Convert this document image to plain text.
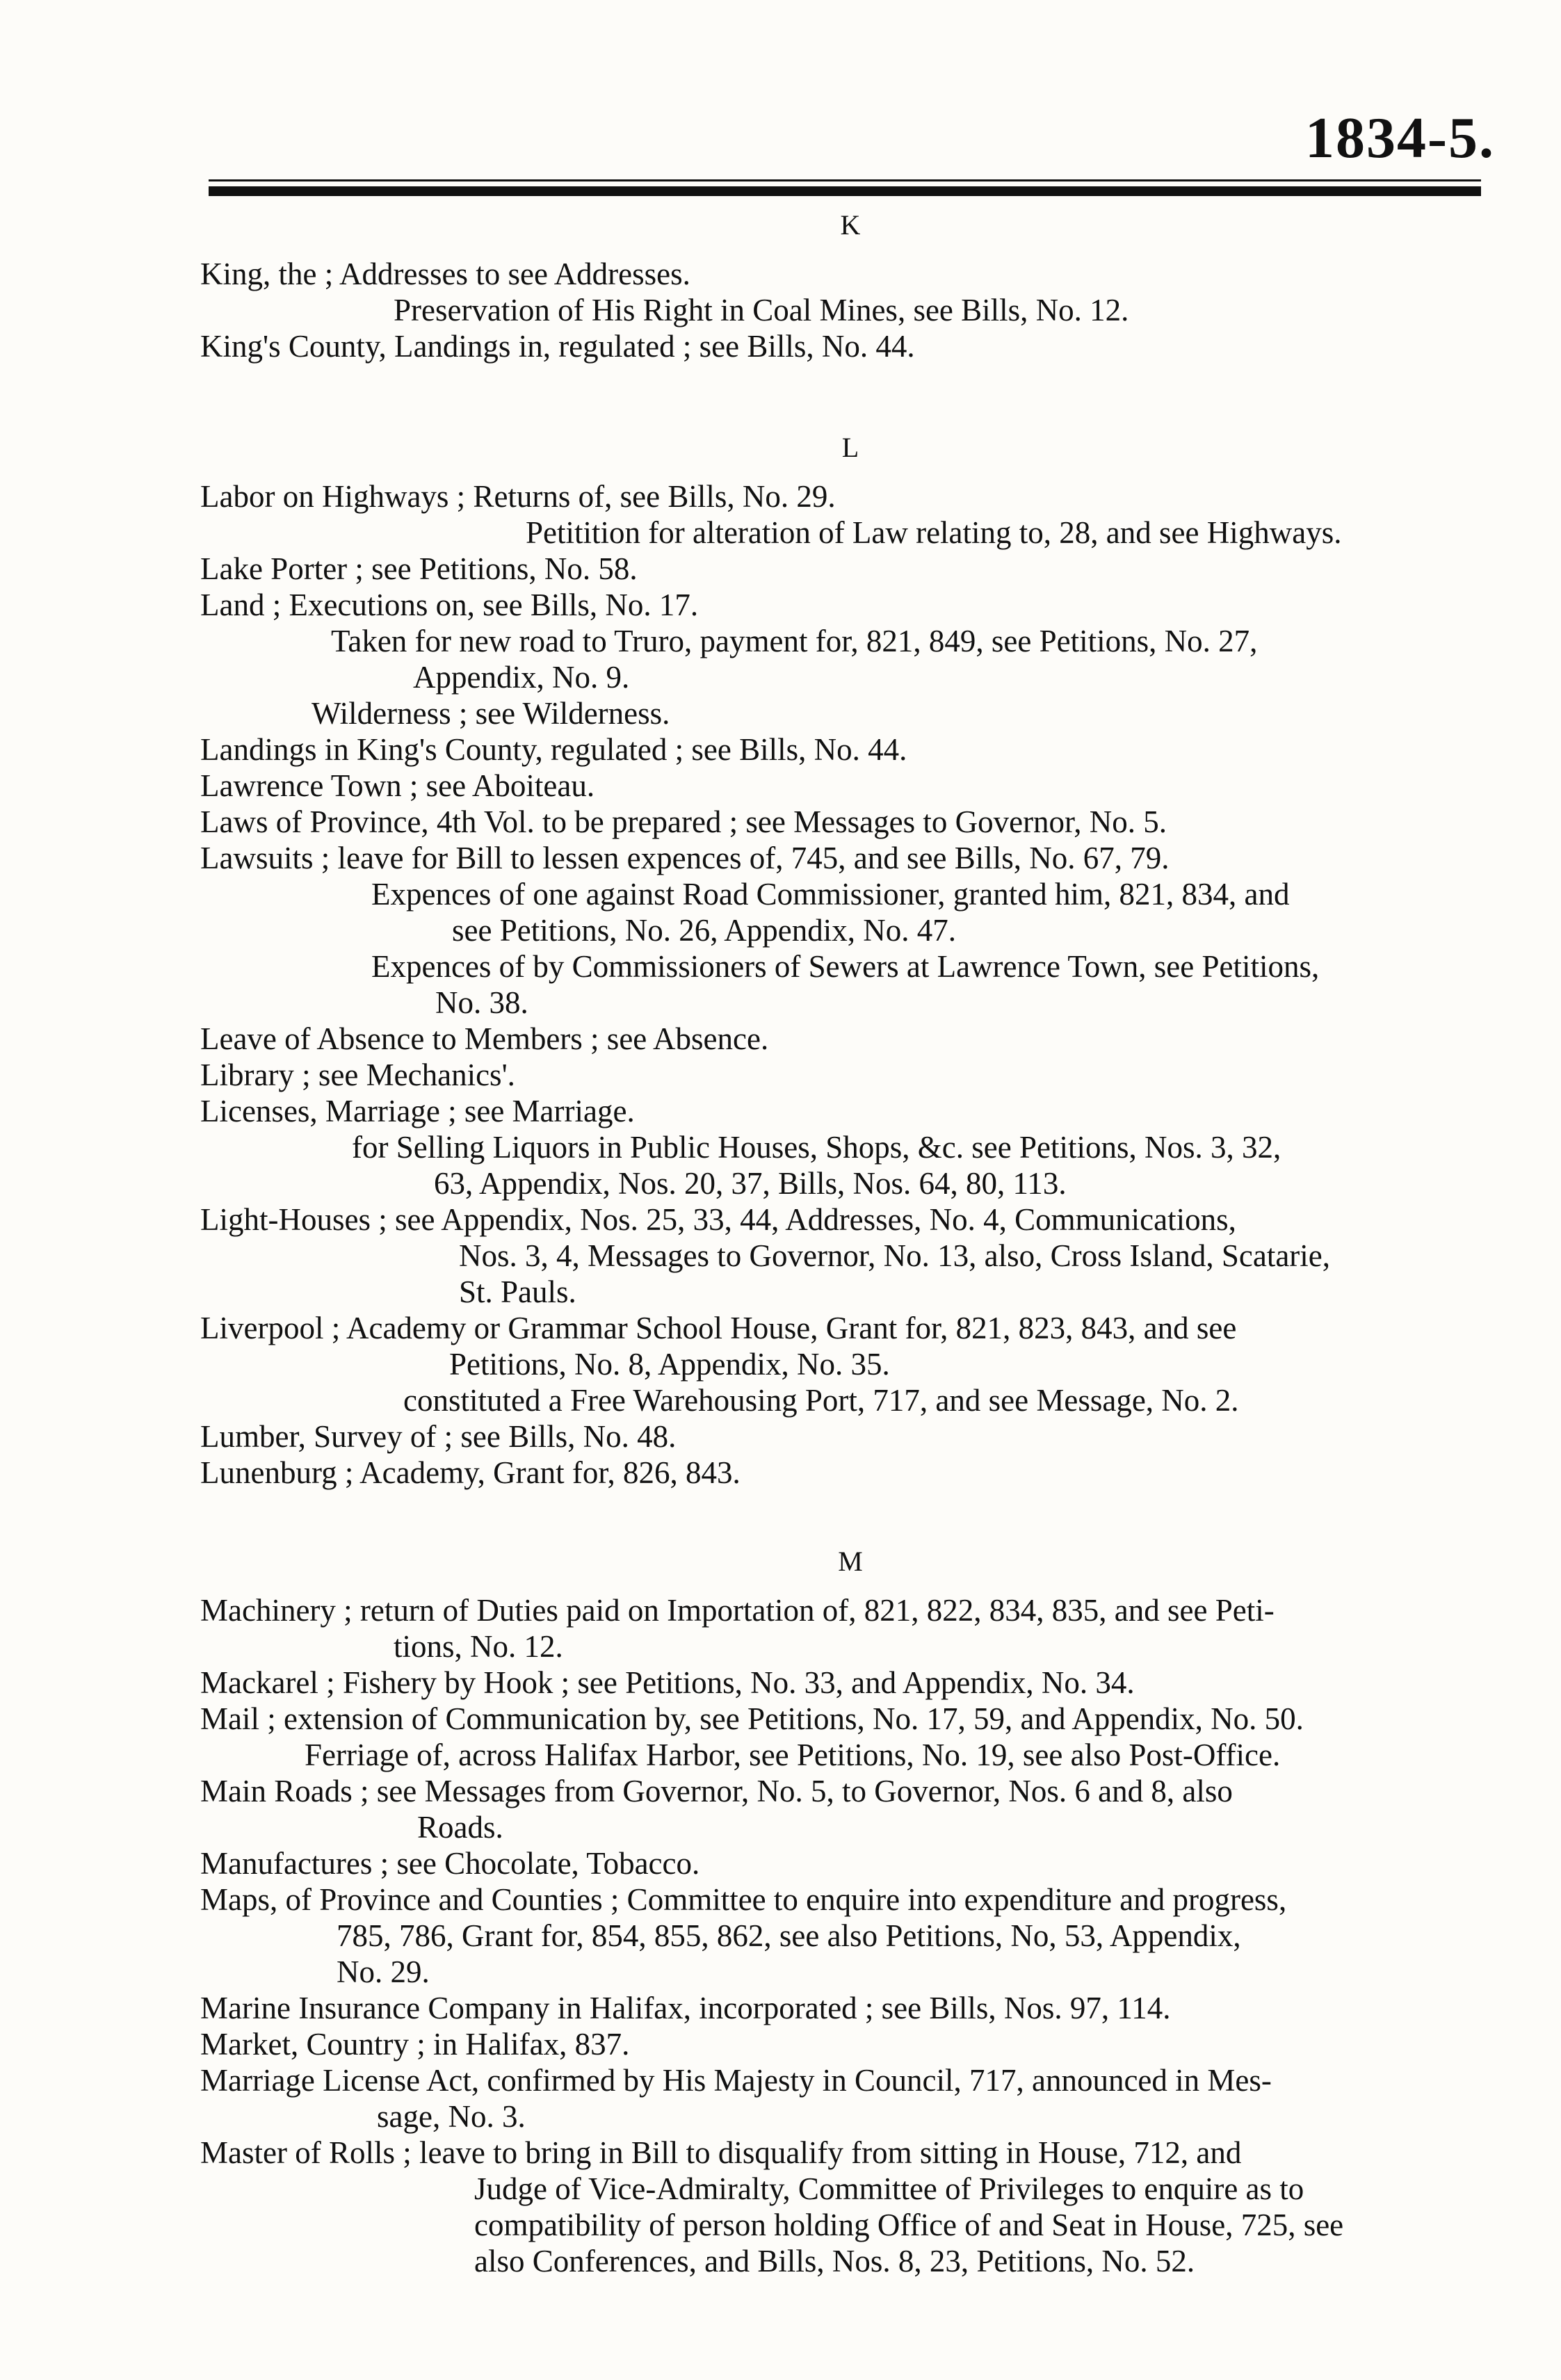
1834-5.
K

King, the ; Addresses to see Addresses.

Preservation of His Right in Coal Mines, see Bills, No. 12.

King's County, Landings in, regulated ; see Bills, No. 44.

L

Labor on Highways ; Returns of, see Bills, No. 29.

Petitition for alteration of Law relating to, 28, and see Highways.

Lake Porter ; see Petitions, No. 58.

Land ; Executions on, see Bills, No. 17.

Taken for new road to Truro, payment for, 821, 849, see Petitions, No. 27,

Appendix, No. 9.

Wilderness ; see Wilderness.

Landings in King's County, regulated ; see Bills, No. 44.

Lawrence Town ; see Aboiteau.

Laws of Province, 4th Vol. to be prepared ; see Messages to Governor, No. 5.

Lawsuits ; leave for Bill to lessen expences of, 745, and see Bills, No. 67, 79.

Expences of one against Road Commissioner, granted him, 821, 834, and

see Petitions, No. 26, Appendix, No. 47.

Expences of by Commissioners of Sewers at Lawrence Town, see Petitions,

No. 38.

Leave of Absence to Members ; see Absence.

Library ; see Mechanics'.

Licenses, Marriage ; see Marriage.

for Selling Liquors in Public Houses, Shops, &c. see Petitions, Nos. 3, 32,

63, Appendix, Nos. 20, 37, Bills, Nos. 64, 80, 113.

Light-Houses ; see Appendix, Nos. 25, 33, 44, Addresses, No. 4, Communications,

Nos. 3, 4, Messages to Governor, No. 13, also, Cross Island, Scatarie,

St. Pauls.

Liverpool ; Academy or Grammar School House, Grant for, 821, 823, 843, and see

Petitions, No. 8, Appendix, No. 35.

constituted a Free Warehousing Port, 717, and see Message, No. 2.

Lumber, Survey of ; see Bills, No. 48.

Lunenburg ; Academy, Grant for, 826, 843.

M

Machinery ; return of Duties paid on Importation of, 821, 822, 834, 835, and see Peti-

tions, No. 12.

Mackarel ; Fishery by Hook ; see Petitions, No. 33, and Appendix, No. 34.

Mail ; extension of Communication by, see Petitions, No. 17, 59, and Appendix, No. 50.

Ferriage of, across Halifax Harbor, see Petitions, No. 19, see also Post-Office.

Main Roads ; see Messages from Governor, No. 5, to Governor, Nos. 6 and 8, also

Roads.

Manufactures ; see Chocolate, Tobacco.

Maps, of Province and Counties ; Committee to enquire into expenditure and progress,

785, 786, Grant for, 854, 855, 862, see also Petitions, No, 53, Appendix,

No. 29.

Marine Insurance Company in Halifax, incorporated ; see Bills, Nos. 97, 114.

Market, Country ; in Halifax, 837.

Marriage License Act, confirmed by His Majesty in Council, 717, announced in Mes-

sage, No. 3.

Master of Rolls ; leave to bring in Bill to disqualify from sitting in House, 712, and

Judge of Vice-Admiralty, Committee of Privileges to enquire as to

compatibility of person holding Office of and Seat in House, 725, see

also Conferences, and Bills, Nos. 8, 23, Petitions, No. 52.
